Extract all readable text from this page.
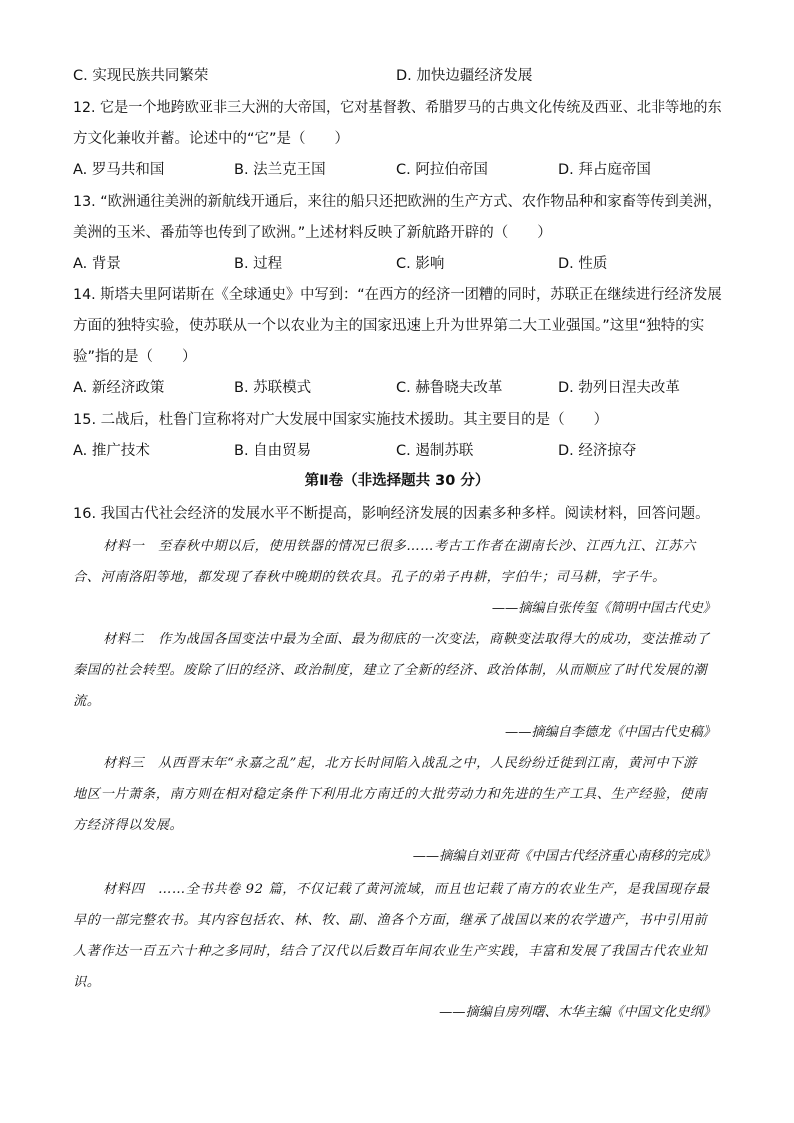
C. 实现民族共同繁荣	D. 加快边疆经济发展
12. 它是一个地跨欧亚非三大洲的大帝国，它对基督教、希腊罗马的古典文化传统及西亚、北非等地的东
方文化兼收并蓄。论述中的“它”是（　　）
A. 罗马共和国	B. 法兰克王国	C. 阿拉伯帝国	D. 拜占庭帝国
13. “欧洲通往美洲的新航线开通后，来往的船只还把欧洲的生产方式、农作物品种和家畜等传到美洲，
美洲的玉米、番茄等也传到了欧洲。”上述材料反映了新航路开辟的（　　）
A. 背景	B. 过程	C. 影响	D. 性质
14. 斯塔夫里阿诺斯在《全球通史》中写到：“在西方的经济一团糟的同时，苏联正在继续进行经济发展
方面的独特实验，使苏联从一个以农业为主的国家迅速上升为世界第二大工业强国。”这里“独特的实
验”指的是（　　）
A. 新经济政策	B. 苏联模式	C. 赫鲁晓夫改革	D. 勃列日涅夫改革
15. 二战后，杜鲁门宣称将对广大发展中国家实施技术援助。其主要目的是（　　）
A. 推广技术	B. 自由贸易	C. 遏制苏联	D. 经济掠夺
第Ⅱ卷（非选择题共 30 分）
16. 我国古代社会经济的发展水平不断提高，影响经济发展的因素多种多样。阅读材料，回答问题。
材料一　至春秋中期以后，使用铁器的情况已很多……考古工作者在湖南长沙、江西九江、江苏六
合、河南洛阳等地，都发现了春秋中晚期的铁农具。孔子的弟子冉耕，字伯牛；司马耕，字子牛。
——摘编自张传玺《简明中国古代史》
材料二　作为战国各国变法中最为全面、最为彻底的一次变法，商鞅变法取得大的成功，变法推动了
秦国的社会转型。废除了旧的经济、政治制度，建立了全新的经济、政治体制，从而顺应了时代发展的潮
流。
——摘编自李德龙《中国古代史稿》
材料三　从西晋末年“永嘉之乱”起，北方长时间陷入战乱之中，人民纷纷迁徙到江南，黄河中下游
地区一片萧条，南方则在相对稳定条件下利用北方南迁的大批劳动力和先进的生产工具、生产经验，使南
方经济得以发展。
——摘编自刘亚荷《中国古代经济重心南移的完成》
材料四　……全书共卷 92 篇，不仅记载了黄河流域，而且也记载了南方的农业生产，是我国现存最
早的一部完整农书。其内容包括农、林、牧、副、渔各个方面，继承了战国以来的农学遗产，书中引用前
人著作达一百五六十种之多同时，结合了汉代以后数百年间农业生产实践，丰富和发展了我国古代农业知
识。
——摘编自房列曙、木华主编《中国文化史纲》
